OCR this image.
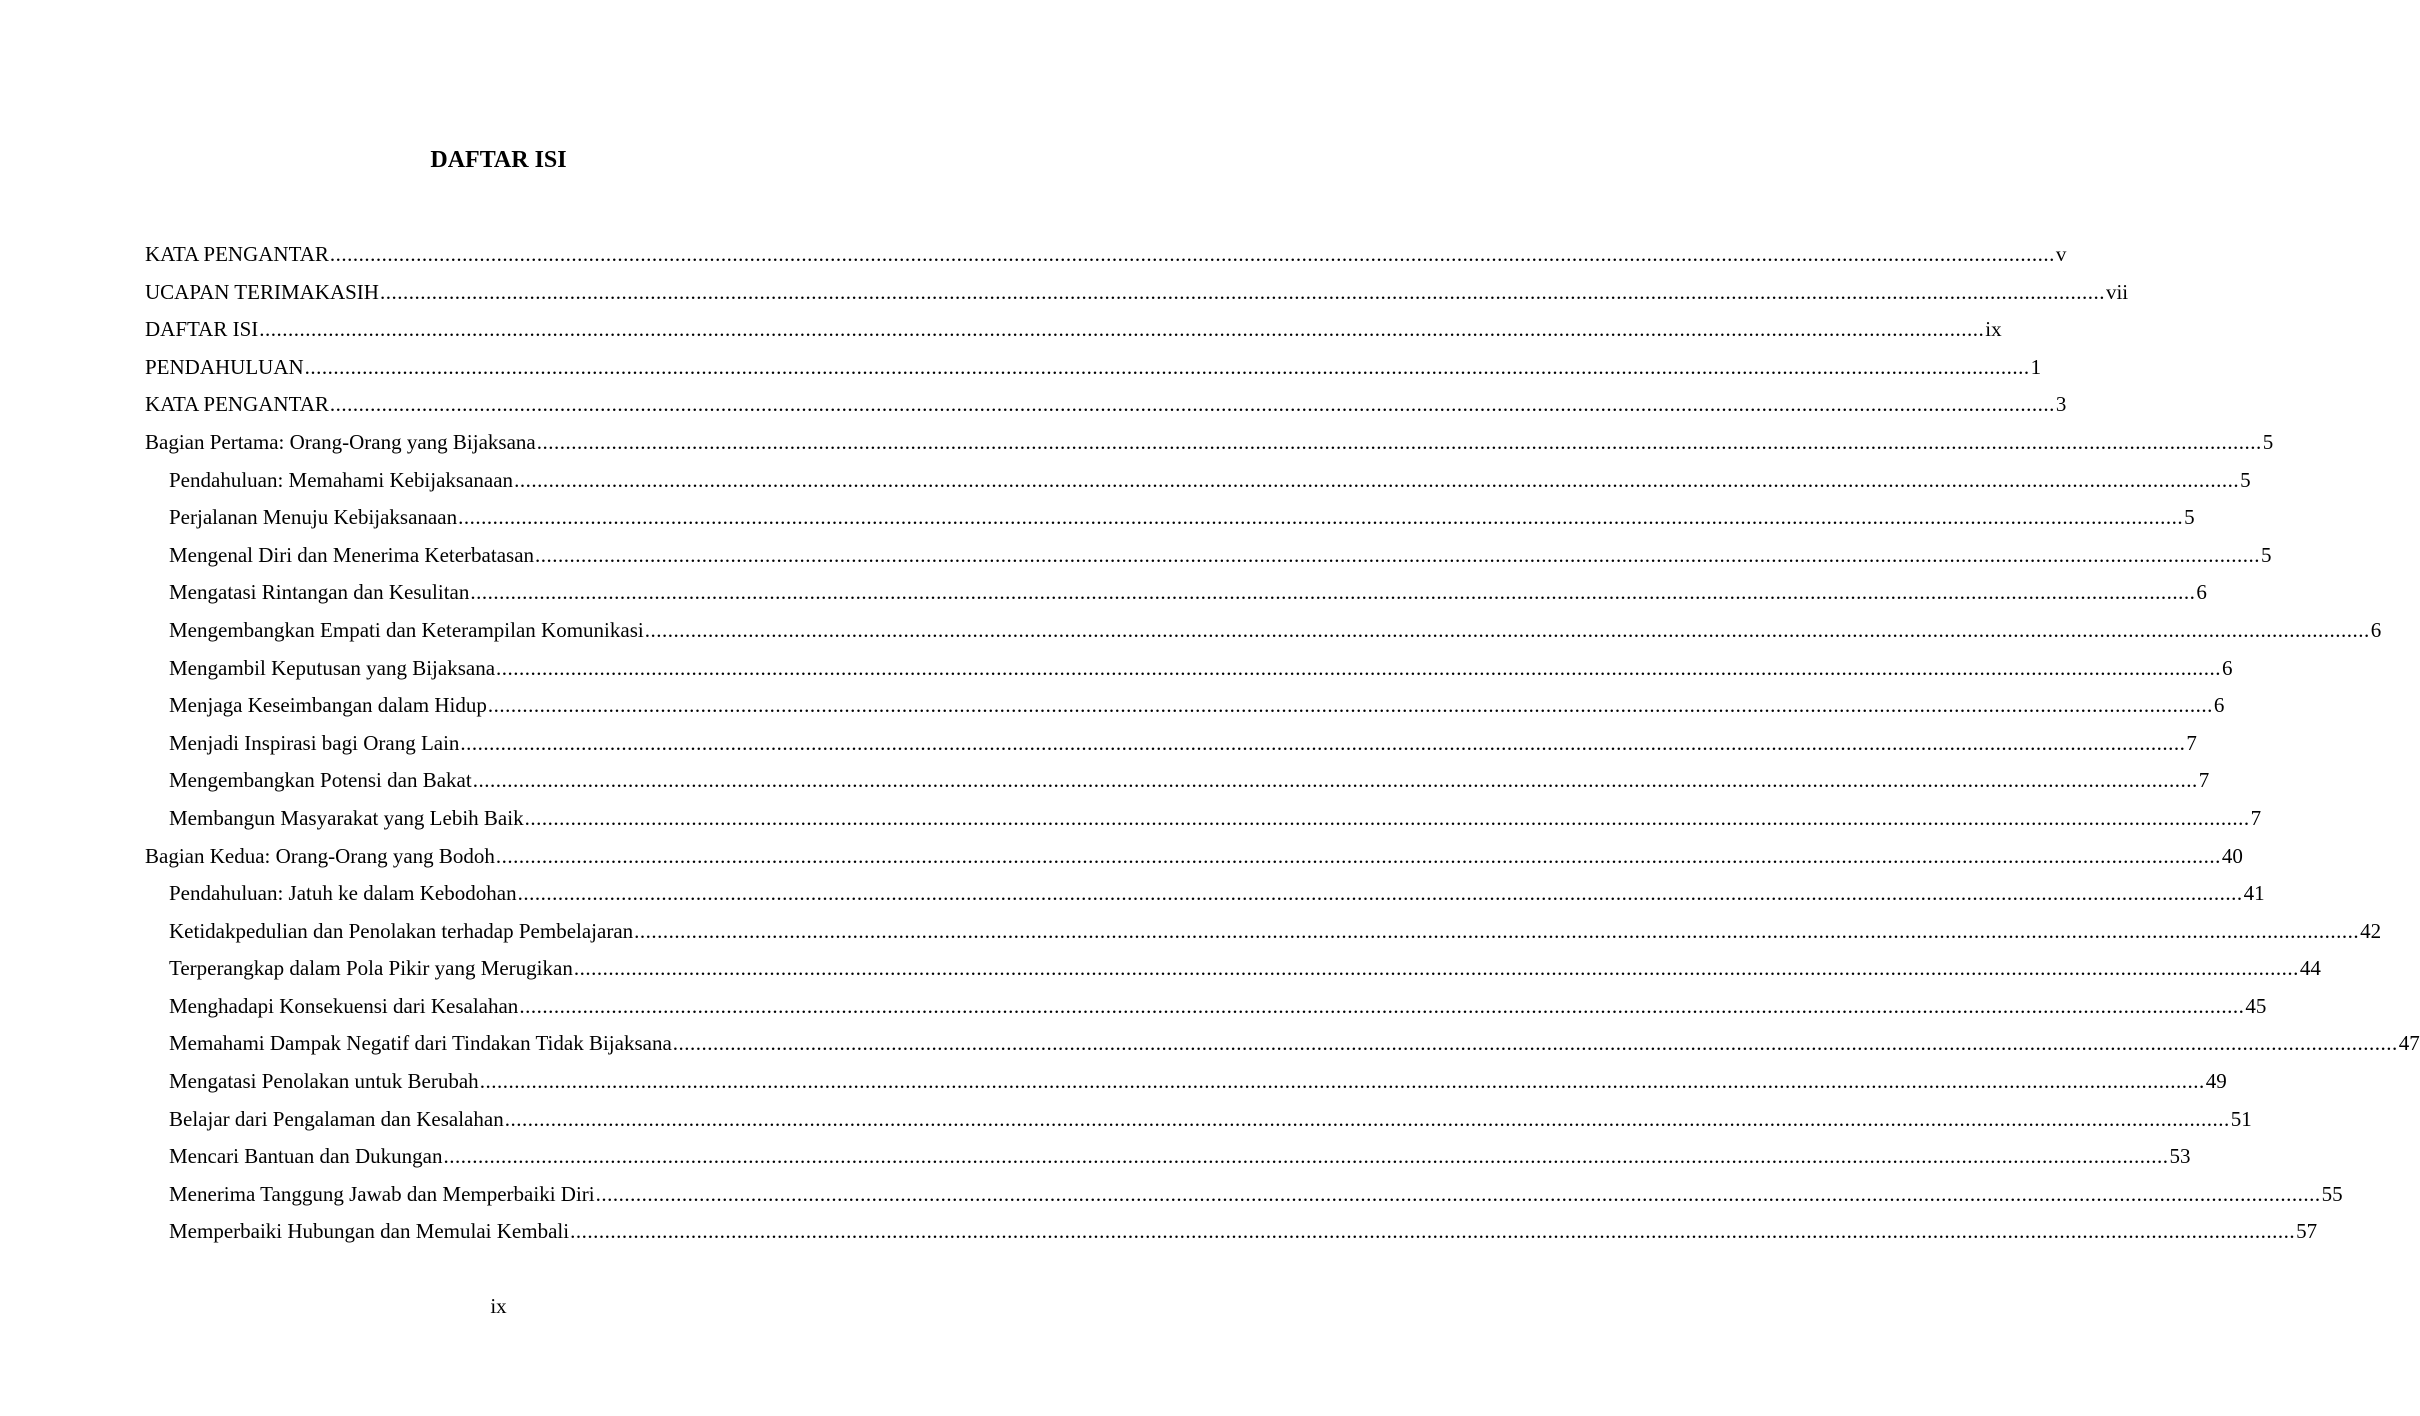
DAFTAR ISI
KATA PENGANTAR ............................................................................................................................................................................................................................................................................................................ v
UCAPAN TERIMAKASIH ............................................................................................................................................................................................................................................................................................................ vii
DAFTAR ISI ............................................................................................................................................................................................................................................................................................................ ix
PENDAHULUAN ............................................................................................................................................................................................................................................................................................................ 1
KATA PENGANTAR ............................................................................................................................................................................................................................................................................................................ 3
Bagian Pertama: Orang-Orang yang Bijaksana ............................................................................................................................................................................................................................................................................................................ 5
Pendahuluan: Memahami Kebijaksanaan ............................................................................................................................................................................................................................................................................................................ 5
Perjalanan Menuju Kebijaksanaan ............................................................................................................................................................................................................................................................................................................ 5
Mengenal Diri dan Menerima Keterbatasan ............................................................................................................................................................................................................................................................................................................ 5
Mengatasi Rintangan dan Kesulitan ............................................................................................................................................................................................................................................................................................................ 6
Mengembangkan Empati dan Keterampilan Komunikasi ............................................................................................................................................................................................................................................................................................................ 6
Mengambil Keputusan yang Bijaksana ............................................................................................................................................................................................................................................................................................................ 6
Menjaga Keseimbangan dalam Hidup ............................................................................................................................................................................................................................................................................................................ 6
Menjadi Inspirasi bagi Orang Lain ............................................................................................................................................................................................................................................................................................................ 7
Mengembangkan Potensi dan Bakat ............................................................................................................................................................................................................................................................................................................ 7
Membangun Masyarakat yang Lebih Baik ............................................................................................................................................................................................................................................................................................................ 7
Bagian Kedua: Orang-Orang yang Bodoh ............................................................................................................................................................................................................................................................................................................ 40
Pendahuluan: Jatuh ke dalam Kebodohan ............................................................................................................................................................................................................................................................................................................ 41
Ketidakpedulian dan Penolakan terhadap Pembelajaran ............................................................................................................................................................................................................................................................................................................ 42
Terperangkap dalam Pola Pikir yang Merugikan ............................................................................................................................................................................................................................................................................................................ 44
Menghadapi Konsekuensi dari Kesalahan ............................................................................................................................................................................................................................................................................................................ 45
Memahami Dampak Negatif dari Tindakan Tidak Bijaksana ............................................................................................................................................................................................................................................................................................................ 47
Mengatasi Penolakan untuk Berubah ............................................................................................................................................................................................................................................................................................................ 49
Belajar dari Pengalaman dan Kesalahan ............................................................................................................................................................................................................................................................................................................ 51
Mencari Bantuan dan Dukungan ............................................................................................................................................................................................................................................................................................................ 53
Menerima Tanggung Jawab dan Memperbaiki Diri ............................................................................................................................................................................................................................................................................................................ 55
Memperbaiki Hubungan dan Memulai Kembali ............................................................................................................................................................................................................................................................................................................ 57
ix
